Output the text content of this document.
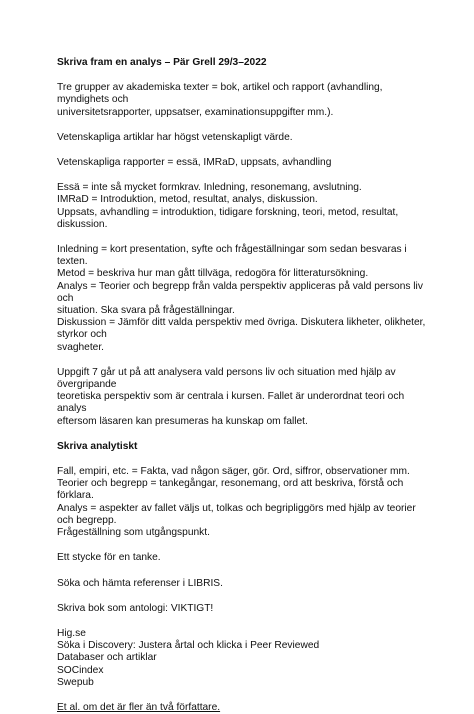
Skriva fram en analys – Pär Grell 29/3–2022

Tre grupper av akademiska texter = bok, artikel och rapport (avhandling, myndighets och

universitetsrapporter, uppsatser, examinationsuppgifter mm.).

Vetenskapliga artiklar har högst vetenskapligt värde.

Vetenskapliga rapporter = essä, IMRaD, uppsats, avhandling

Essä = inte så mycket formkrav. Inledning, resonemang, avslutning.

IMRaD = Introduktion, metod, resultat, analys, diskussion.

Uppsats, avhandling = introduktion, tidigare forskning, teori, metod, resultat, diskussion.

Inledning = kort presentation, syfte och frågeställningar som sedan besvaras i texten.

Metod = beskriva hur man gått tillväga, redogöra för litteratursökning.

Analys = Teorier och begrepp från valda perspektiv appliceras på vald persons liv och

situation. Ska svara på frågeställningar.

Diskussion = Jämför ditt valda perspektiv med övriga. Diskutera likheter, olikheter, styrkor och

svagheter.

Uppgift 7 går ut på att analysera vald persons liv och situation med hjälp av övergripande

teoretiska perspektiv som är centrala i kursen. Fallet är underordnat teori och analys

eftersom läsaren kan presumeras ha kunskap om fallet.

Skriva analytiskt

Fall, empiri, etc. = Fakta, vad någon säger, gör. Ord, siffror, observationer mm.

Teorier och begrepp = tankegångar, resonemang, ord att beskriva, förstå och förklara.

Analys = aspekter av fallet väljs ut, tolkas och begripliggörs med hjälp av teorier och begrepp.

Frågeställning som utgångspunkt.

Ett stycke för en tanke.

Söka och hämta referenser i LIBRIS.

Skriva bok som antologi: VIKTIGT!

Hig.se

Söka i Discovery: Justera årtal och klicka i Peer Reviewed

Databaser och artiklar

SOCindex

Swepub

Et al. om det är fler än två författare.
